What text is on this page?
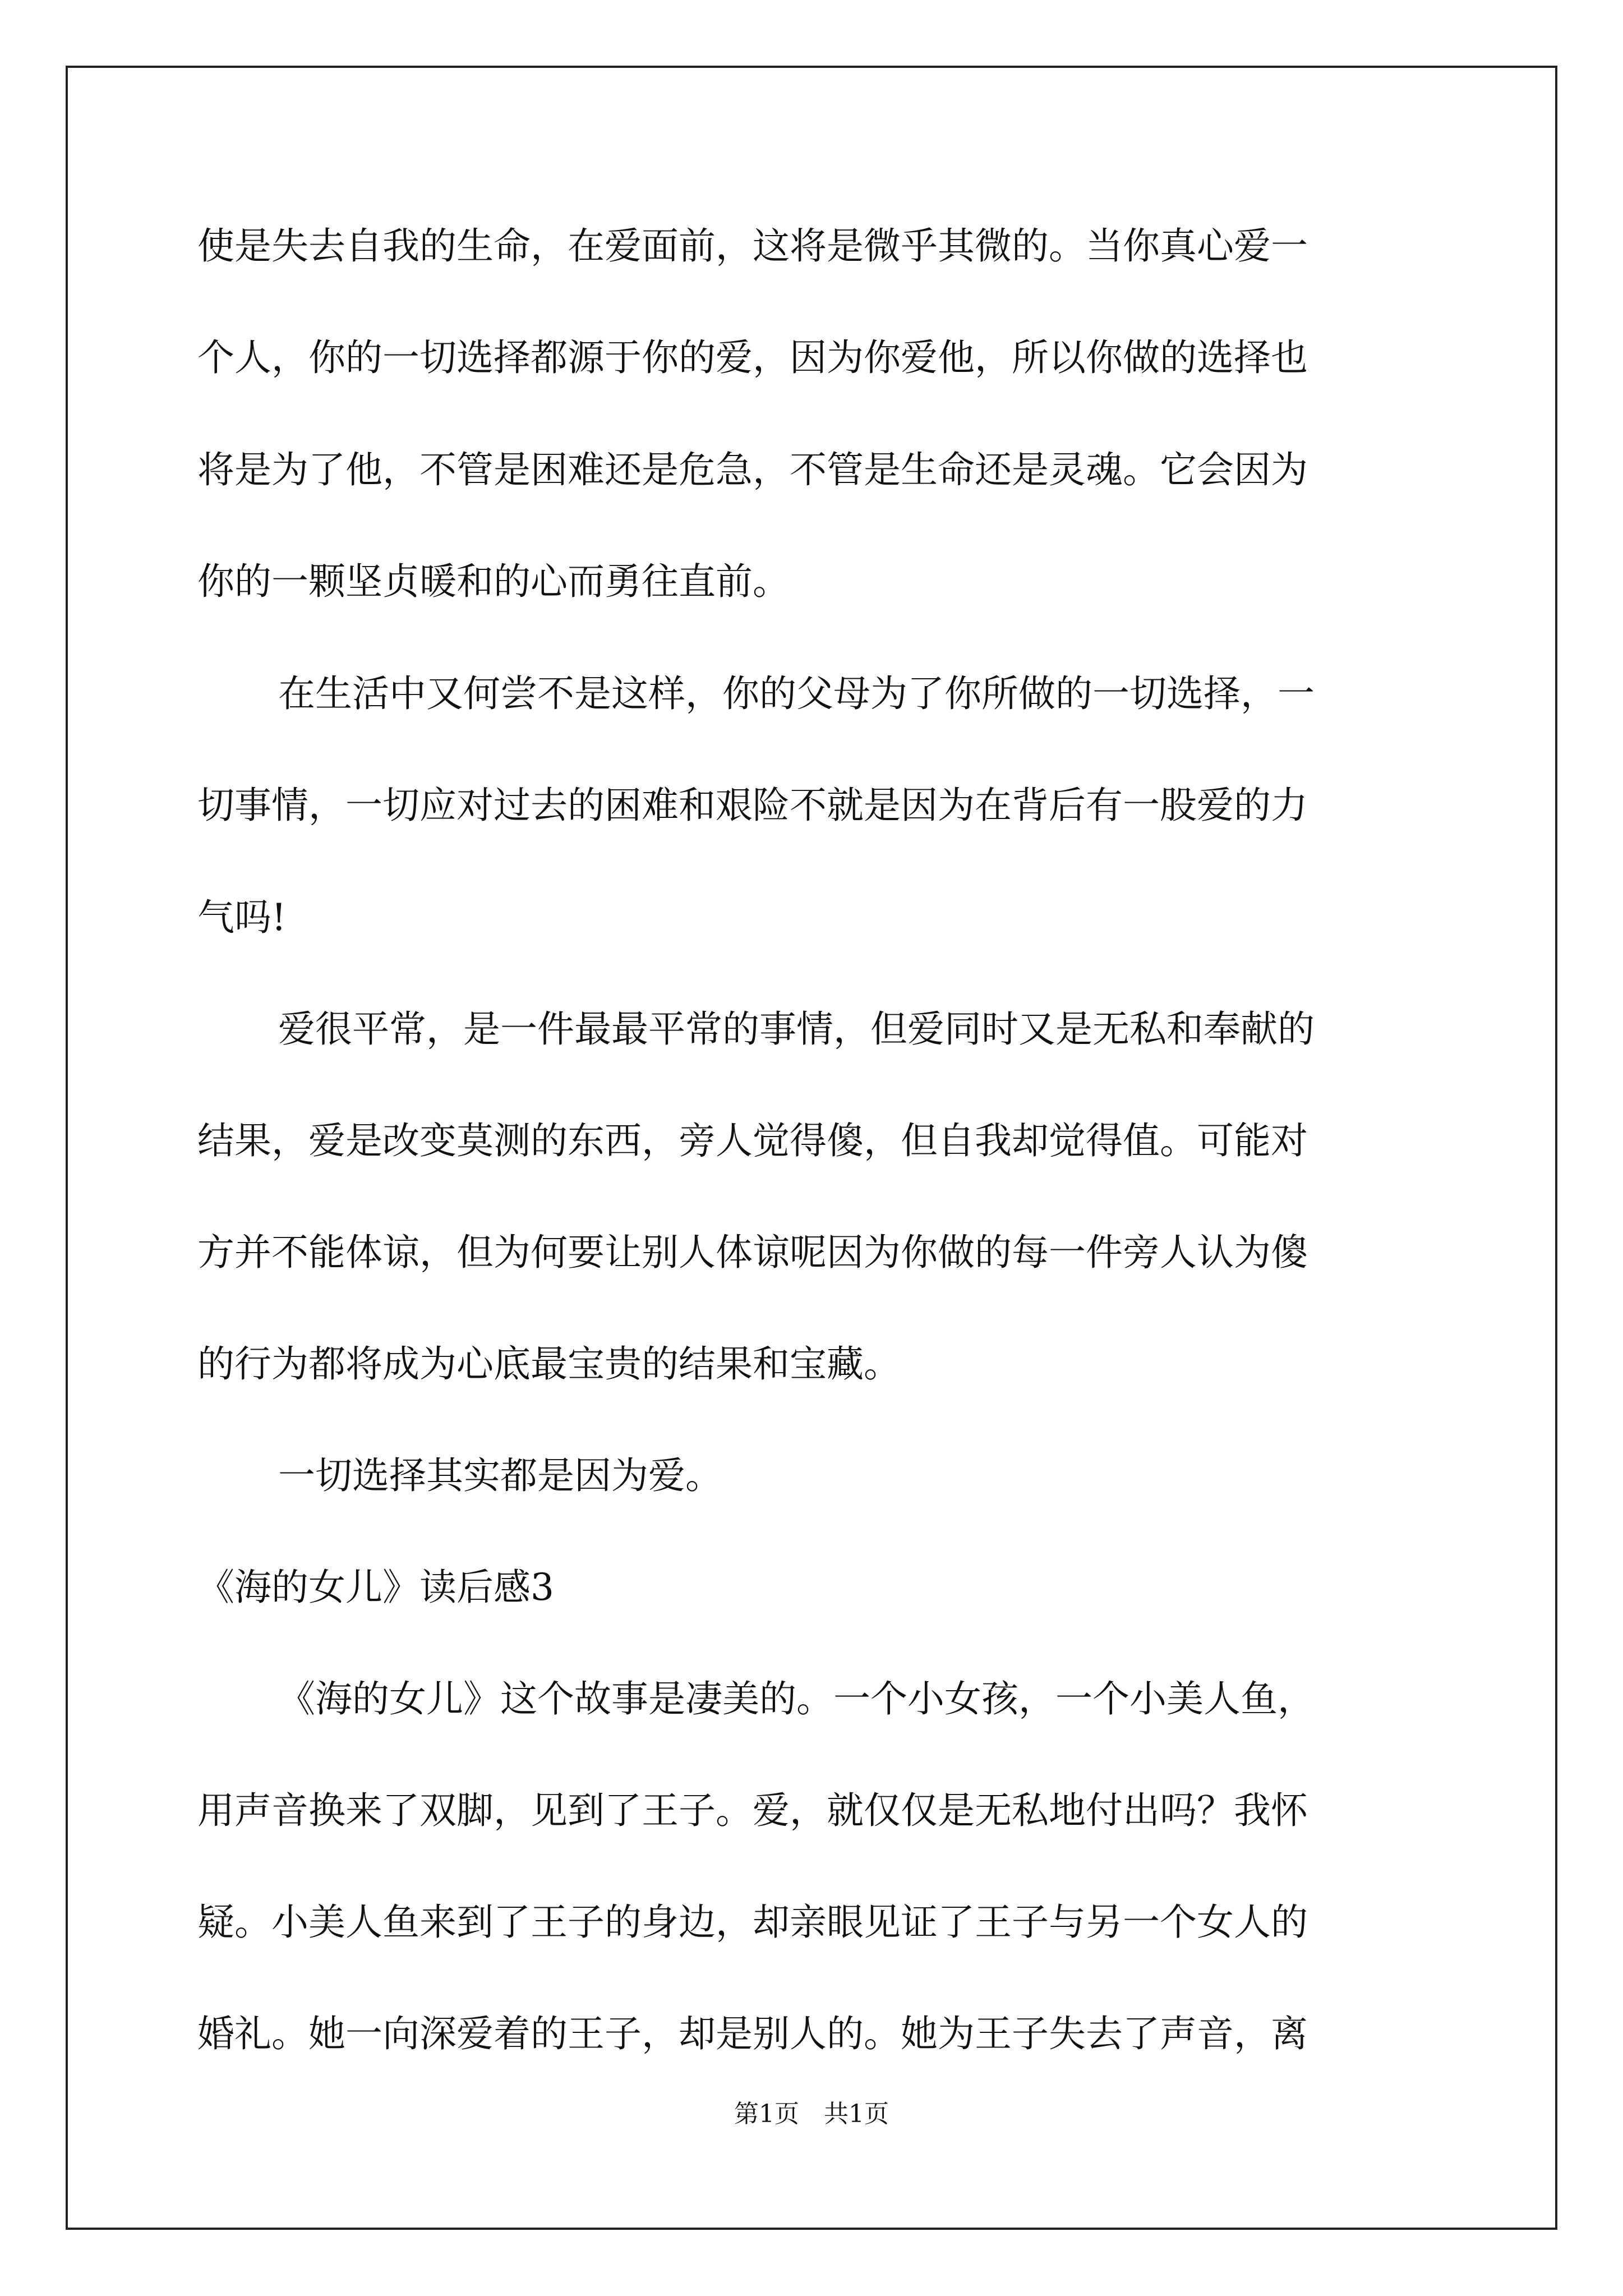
使是失去自我的生命，在爱面前，这将是微乎其微的。当你真心爱一
个人，你的一切选择都源于你的爱，因为你爱他，所以你做的选择也
将是为了他，不管是困难还是危急，不管是生命还是灵魂。它会因为
你的一颗坚贞暖和的心而勇往直前。
在生活中又何尝不是这样，你的父母为了你所做的一切选择，一
切事情，一切应对过去的困难和艰险不就是因为在背后有一股爱的力
气吗!
爱很平常，是一件最最平常的事情，但爱同时又是无私和奉献的
结果，爱是改变莫测的东西，旁人觉得傻，但自我却觉得值。可能对
方并不能体谅，但为何要让别人体谅呢因为你做的每一件旁人认为傻
的行为都将成为心底最宝贵的结果和宝藏。
一切选择其实都是因为爱。
《海的女儿》读后感3
《海的女儿》这个故事是凄美的。一个小女孩，一个小美人鱼，
用声音换来了双脚，见到了王子。爱，就仅仅是无私地付出吗？我怀
疑。小美人鱼来到了王子的身边，却亲眼见证了王子与另一个女人的
婚礼。她一向深爱着的王子，却是别人的。她为王子失去了声音，离
第1页　共1页
